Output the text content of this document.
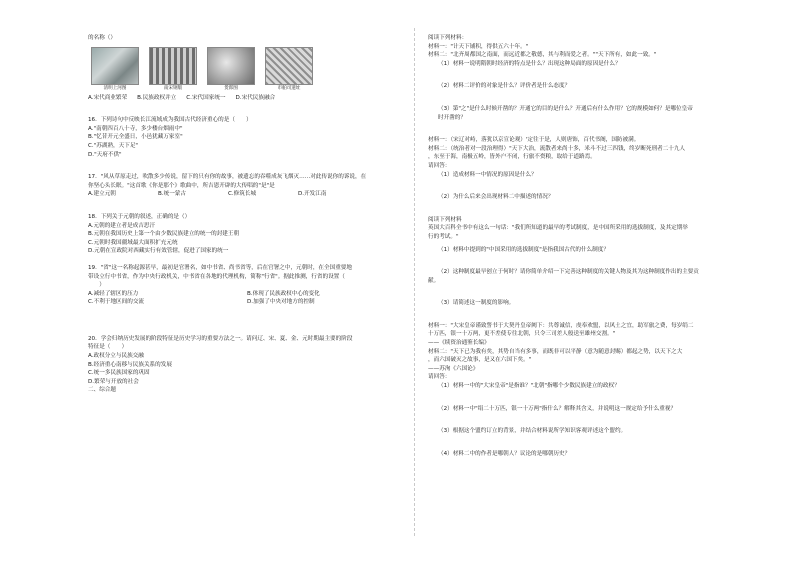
的名称（）
清明上河图	南宋钢版	货郎图	市舶司遗址
A.宋代商业繁荣 B.民族政权并立 C.宋代国家统一 D.宋代民族融合
16．下列诗句中反映长江流域成为我国古代经济重心的是（　　）
A."南朝四百八十寺，多少楼台烟雨中"
B."忆昔开元全盛日，小邑犹藏万家室"
C."苏湖熟，天下足"
D."天府不供"
17．"风从草原走过，吹散多少传说，留下的只有你的故事，被遗忘的吞噬成灰飞烟灭……对此传说你的诉说，在
你坚心头长眠。"这首歌《你是那个》歌曲中，所吉恩开辟的大传唱的"是"是
A.建立元朝	B.统一蒙古	C.修筑长城	D.开发江南
18．下列关于元朝的叙述，正确的是（）
A.元朝的建立者是成吉思汗
B.元朝在我国历史上第一个由少数民族建立的统一的封建王朝
C.元朝时我国疆域最大面积扩充元统
D.元朝在宣政院对西藏实行有效管辖，促进了国家的统一
19．"省"这一名称起源甚早，最初是官署名，如中书省、尚书省等，后在官署之中，元朝时，在全国重要地
带设立行中书省，作为中央行政机关，中书省在各地的代理机构，简称"行省"。据此推测，行省的设置（
　　）
A.减轻了辖区的压力	B.体现了民族政权中心的变化
C.不利于地区间的交流	D.加强了中央对地方的控制
20．学会归纳历史发展的阶段特征是历史学习的重要方法之一。请问辽、宋、夏、金、元时期最主要的阶段
特征是（　　）
A.政权分立与民族交融
B.经济重心南移与民族关系的发展
C.统一多民族国家的巩固
D.繁荣与开放的社会
二、综合题
阅读下列材料：
材料一："计天下铺积，得供五六十年。"
材料二："北齐周都国之南面，而远近都之敬德，其与利而爱之者。""天下所有，如此一致。"
（1）材料一说明隋朝时经济的特点是什么？出现这种局面的原因是什么？
（2）材料二评价的对象是什么？评价者是什么态度？
（3）第"之"是什么时候开凿的？开通它的目的是什么？开通后有什么作用？它的规模如何？是哪位皇帝
时开凿的？
材料一：（宋辽对峙，落犹以京宣论观）'定往于是，人则唐饰，百代书阁，国防被满。
材料二：（统治者对一段治理得）"天下大治，流散者来尚十多，米斗不过三四钱，终岁断死刑者二十九人
，东至于海，南极五岭，皆外户不闭，行旅不赍粮，取给于道路焉。
请回答：
（1）造成材料一中情况的原因是什么？
（2）为什么后来会出现材料二中描述的情况？
阅读下列材料
英国大百科全书中有这么一句话："我们所知道的最早的考试制度，是中国所采用的选拔制度，及其定期举
行的考试。"
（1）材料中提到的"中国采用的选拔制度"是指我国古代的什么制度？
（2）这种制度最早创立于何时？请你简单介绍一下完善这种制度的关键人物及其为这种制度作出的主要贡
献。
（3）请简述这一制度的影响。
材料一："大宋皇帝谨致誓书于大契丹皇帝阙下：共尊诚信，虔奉欢盟，以风土之宜，助军旅之费，每岁绢二
十万匹，银一十万两，更不差使专往北朝，只令三司差人般送至雄州交割。"
——《续资治通鉴长编》
材料二："天下已为我有矣，其势自当有多事，而既非可以平静（意为随意封赐）都起之势，以天下之大
，而六国破灭之故事，是又在六国下矣。"
——苏洵《六国论》
请回答：
（1）材料一中的"大宋皇帝"是指谁？"北朝"指哪个少数民族建立的政权？
（2）材料一中"绢二十万匹，银一十万两"指什么？解释其含义，并说明这一规定给予什么重视？
（3）根据这个盟约订立的背景，并结合材料说所学知识客观评述这个盟约。
（4）材料二中的作者是哪朝人？议论的是哪朝历史？
